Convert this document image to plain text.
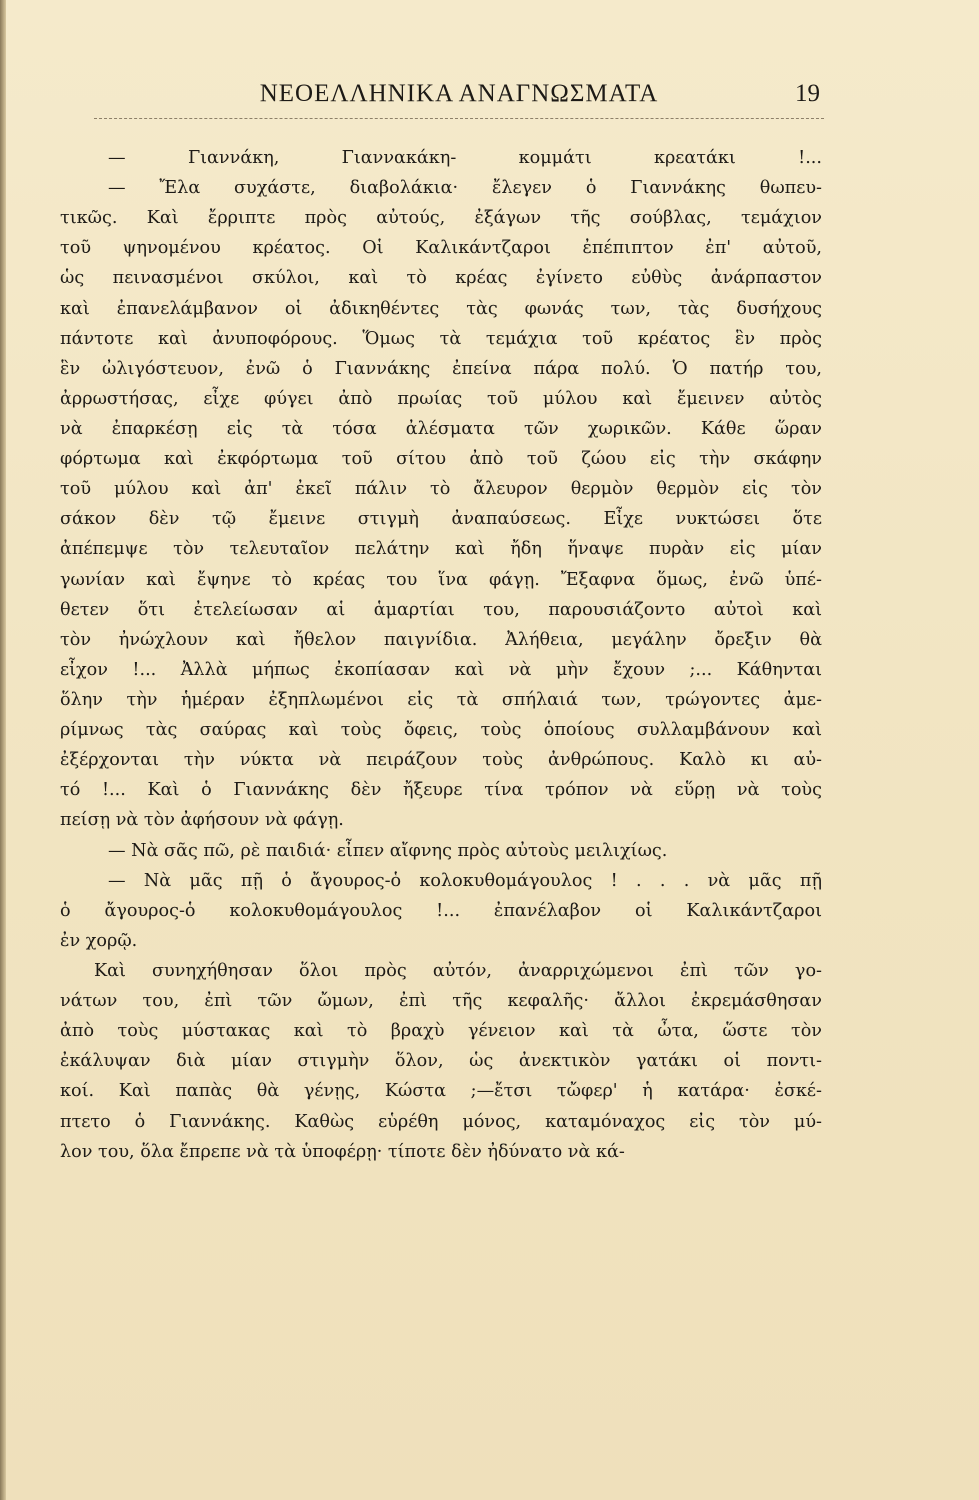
ΝΕΟΕΛΛΗΝΙΚΑ ΑΝΑΓΝΩΣΜΑΤΑ	19
— Γιαννάκη, Γιαννακάκη- κομμάτι κρεατάκι !...
— Ἔλα συχάστε, διαβολάκια· ἔλεγεν ὁ Γιαννάκης θωπευ-
τικῶς. Καὶ ἔρριπτε πρὸς αὐτούς, ἐξάγων τῆς σούβλας, τεμάχιον
τοῦ ψηνομένου κρέατος. Οἱ Καλικάντζαροι ἐπέπιπτον ἐπ' αὐτοῦ,
ὡς πεινασμένοι σκύλοι, καὶ τὸ κρέας ἐγίνετο εὐθὺς ἀνάρπαστον
καὶ ἐπανελάμβανον οἱ ἀδικηθέντες τὰς φωνάς των, τὰς δυσήχους
πάντοτε καὶ ἀνυποφόρους. Ὅμως τὰ τεμάχια τοῦ κρέατος ἓν πρὸς
ἓν ὠλιγόστευον, ἐνῶ ὁ Γιαννάκης ἐπείνα πάρα πολύ. Ὁ πατήρ του,
ἀρρωστήσας, εἶχε φύγει ἀπὸ πρωίας τοῦ μύλου καὶ ἔμεινεν αὐτὸς
νὰ ἐπαρκέσῃ εἰς τὰ τόσα ἀλέσματα τῶν χωρικῶν. Κάθε ὥραν
φόρτωμα καὶ ἐκφόρτωμα τοῦ σίτου ἀπὸ τοῦ ζώου εἰς τὴν σκάφην
τοῦ μύλου καὶ ἀπ' ἐκεῖ πάλιν τὸ ἄλευρον θερμὸν θερμὸν εἰς τὸν
σάκον δὲν τῷ ἔμεινε στιγμὴ ἀναπαύσεως. Εἶχε νυκτώσει ὅτε
ἀπέπεμψε τὸν τελευταῖον πελάτην καὶ ἤδη ἥναψε πυρὰν εἰς μίαν
γωνίαν καὶ ἔψηνε τὸ κρέας του ἵνα φάγῃ. Ἔξαφνα ὅμως, ἐνῶ ὑπέ-
θετεν ὅτι ἐτελείωσαν αἱ ἁμαρτίαι του, παρουσιάζοντο αὐτοὶ καὶ
τὸν ἠνώχλουν καὶ ἤθελον παιγνίδια. Ἀλήθεια, μεγάλην ὄρεξιν θὰ
εἶχον !... Ἀλλὰ μήπως ἐκοπίασαν καὶ νὰ μὴν ἔχουν ;... Κάθηνται
ὅλην τὴν ἡμέραν ἐξηπλωμένοι εἰς τὰ σπήλαιά των, τρώγοντες ἀμε-
ρίμνως τὰς σαύρας καὶ τοὺς ὄφεις, τοὺς ὁποίους συλλαμβάνουν καὶ
ἐξέρχονται τὴν νύκτα νὰ πειράζουν τοὺς ἀνθρώπους. Καλὸ κι αὐ-
τό !... Καὶ ὁ Γιαννάκης δὲν ἤξευρε τίνα τρόπον νὰ εὕρῃ νὰ τοὺς
πείσῃ νὰ τὸν ἀφήσουν νὰ φάγῃ.
— Νὰ σᾶς πῶ, ρὲ παιδιά· εἶπεν αἴφνης πρὸς αὐτοὺς μειλιχίως.
— Νὰ μᾶς πῇ ὁ ἄγουρος-ὁ κολοκυθομάγουλος ! . . . νὰ μᾶς πῇ
ὁ ἄγουρος-ὁ κολοκυθομάγουλος !... ἐπανέλαβον οἱ Καλικάντζαροι
ἐν χορῷ.
Καὶ συνηχήθησαν ὅλοι πρὸς αὐτόν, ἀναρριχώμενοι ἐπὶ τῶν γο-
νάτων του, ἐπὶ τῶν ὤμων, ἐπὶ τῆς κεφαλῆς· ἄλλοι ἐκρεμάσθησαν
ἀπὸ τοὺς μύστακας καὶ τὸ βραχὺ γένειον καὶ τὰ ὦτα, ὥστε τὸν
ἐκάλυψαν διὰ μίαν στιγμὴν ὅλον, ὡς ἀνεκτικὸν γατάκι οἱ ποντι-
κοί. Καὶ παπὰς θὰ γένῃς, Κώστα ;—ἔτσι τὤφερ' ἡ κατάρα· ἐσκέ-
πτετο ὁ Γιαννάκης. Καθὼς εὑρέθη μόνος, καταμόναχος εἰς τὸν μύ-
λον του, ὅλα ἔπρεπε νὰ τὰ ὑποφέρῃ· τίποτε δὲν ἠδύνατο νὰ κά-
